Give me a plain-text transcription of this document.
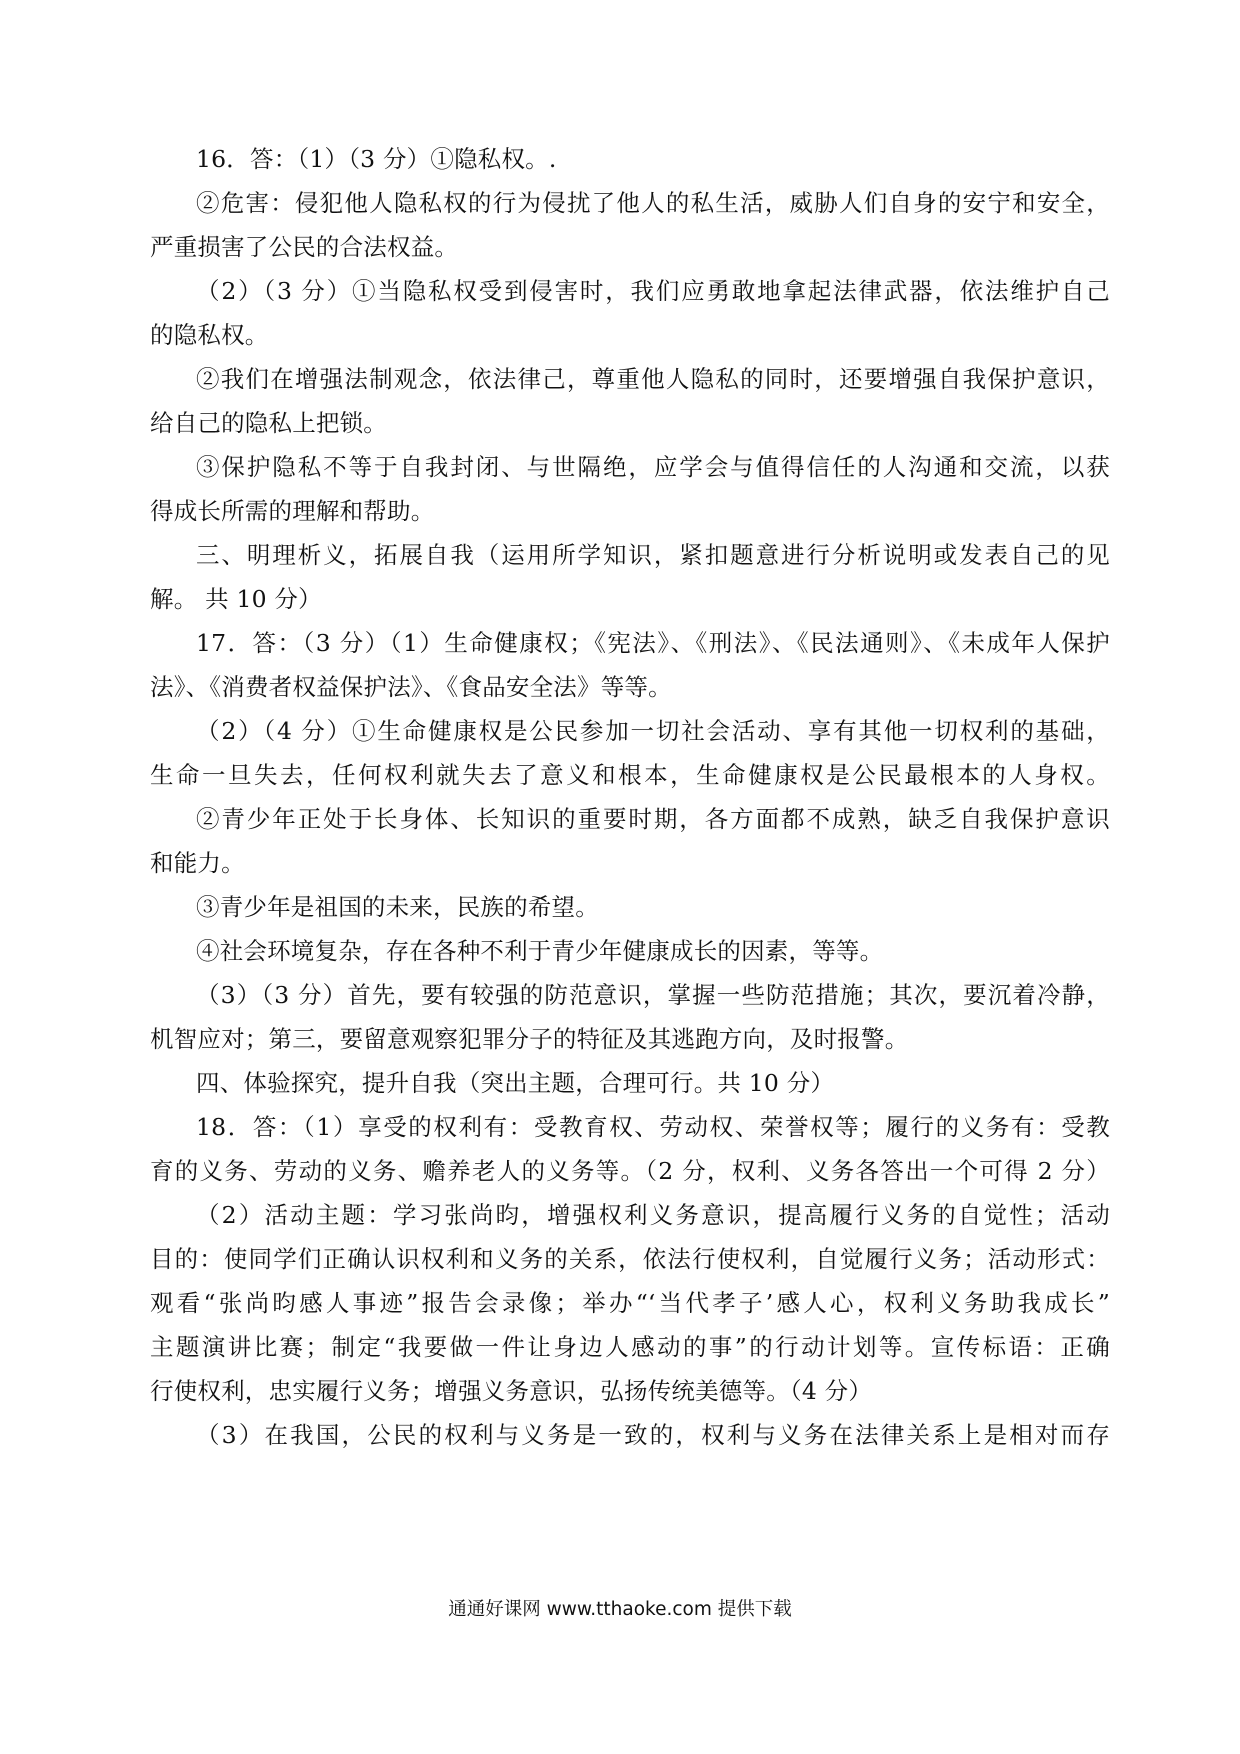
16．答：（1）（3 分）①隐私权。.
②危害：侵犯他人隐私权的行为侵扰了他人的私生活，威胁人们自身的安宁和安全，
严重损害了公民的合法权益。
（2）（3 分）①当隐私权受到侵害时，我们应勇敢地拿起法律武器，依法维护自己
的隐私权。
②我们在增强法制观念，依法律己，尊重他人隐私的同时，还要增强自我保护意识，
给自己的隐私上把锁。
③保护隐私不等于自我封闭、与世隔绝，应学会与值得信任的人沟通和交流，以获
得成长所需的理解和帮助。
三、明理析义，拓展自我（运用所学知识，紧扣题意进行分析说明或发表自己的见
解。 共 10 分）
17．答：（3 分）（1）生命健康权；《宪法》、《刑法》、《民法通则》、《未成年人保护
法》、《消费者权益保护法》、《食品安全法》等等。
（2）（4 分）①生命健康权是公民参加一切社会活动、享有其他一切权利的基础，
生命一旦失去，任何权利就失去了意义和根本，生命健康权是公民最根本的人身权。
②青少年正处于长身体、长知识的重要时期，各方面都不成熟，缺乏自我保护意识
和能力。
③青少年是祖国的未来，民族的希望。
④社会环境复杂，存在各种不利于青少年健康成长的因素，等等。
（3）（3 分）首先，要有较强的防范意识，掌握一些防范措施；其次，要沉着冷静，
机智应对；第三，要留意观察犯罪分子的特征及其逃跑方向，及时报警。
四、体验探究，提升自我（突出主题，合理可行。共 10 分）
18．答：（1）享受的权利有：受教育权、劳动权、荣誉权等；履行的义务有：受教
育的义务、劳动的义务、赡养老人的义务等。（2 分，权利、义务各答出一个可得 2 分）
（2）活动主题：学习张尚昀，增强权利义务意识，提高履行义务的自觉性；活动
目的：使同学们正确认识权利和义务的关系，依法行使权利，自觉履行义务；活动形式：
观看“张尚昀感人事迹”报告会录像；举办“‘当代孝子’感人心，权利义务助我成长”
主题演讲比赛；制定“我要做一件让身边人感动的事”的行动计划等。宣传标语：正确
行使权利，忠实履行义务；增强义务意识，弘扬传统美德等。（4 分）
（3）在我国，公民的权利与义务是一致的，权利与义务在法律关系上是相对而存
通通好课网 www.tthaoke.com 提供下载
